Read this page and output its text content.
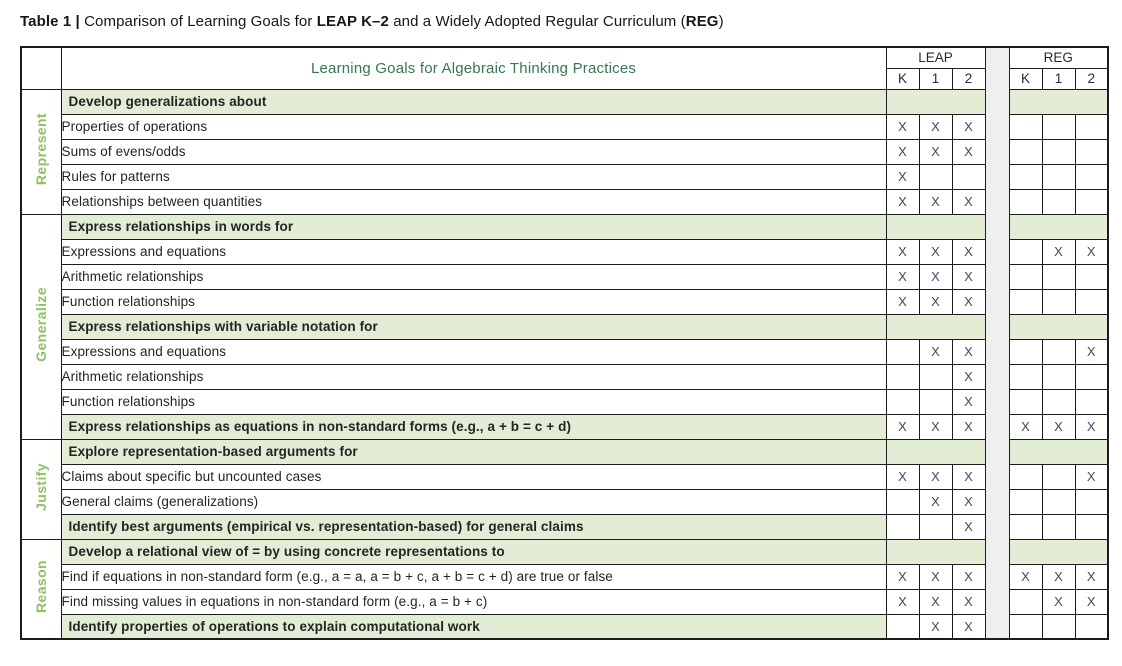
Table 1 | Comparison of Learning Goals for LEAP K–2 and a Widely Adopted Regular Curriculum (REG)
	Learning Goals for Algebraic Thinking Practices	LEAP				REG		
		K	1	2		K	1	2
Represent	Develop generalizations about							
	Properties of operations	X	X	X				
	Sums of evens/odds	X	X	X				
	Rules for patterns	X						
	Relationships between quantities	X	X	X				
Generalize	Express relationships in words for							
	Expressions and equations	X	X	X			X	X
	Arithmetic relationships	X	X	X				
	Function relationships	X	X	X				
	Express relationships with variable notation for							
	Expressions and equations		X	X				X
	Arithmetic relationships			X				
	Function relationships			X				
	Express relationships as equations in non-standard forms (e.g., a + b = c + d)	X	X	X		X	X	X
Justify	Explore representation-based arguments for							
	Claims about specific but uncounted cases	X	X	X				X
	General claims (generalizations)		X	X				
	Identify best arguments (empirical vs. representation-based) for general claims			X				
Reason	Develop a relational view of = by using concrete representations to							
	Find if equations in non-standard form (e.g., a = a, a = b + c, a + b = c + d) are true or false	X	X	X		X	X	X
	Find missing values in equations in non-standard form (e.g., a = b + c)	X	X	X			X	X
	Identify properties of operations to explain computational work		X	X				
